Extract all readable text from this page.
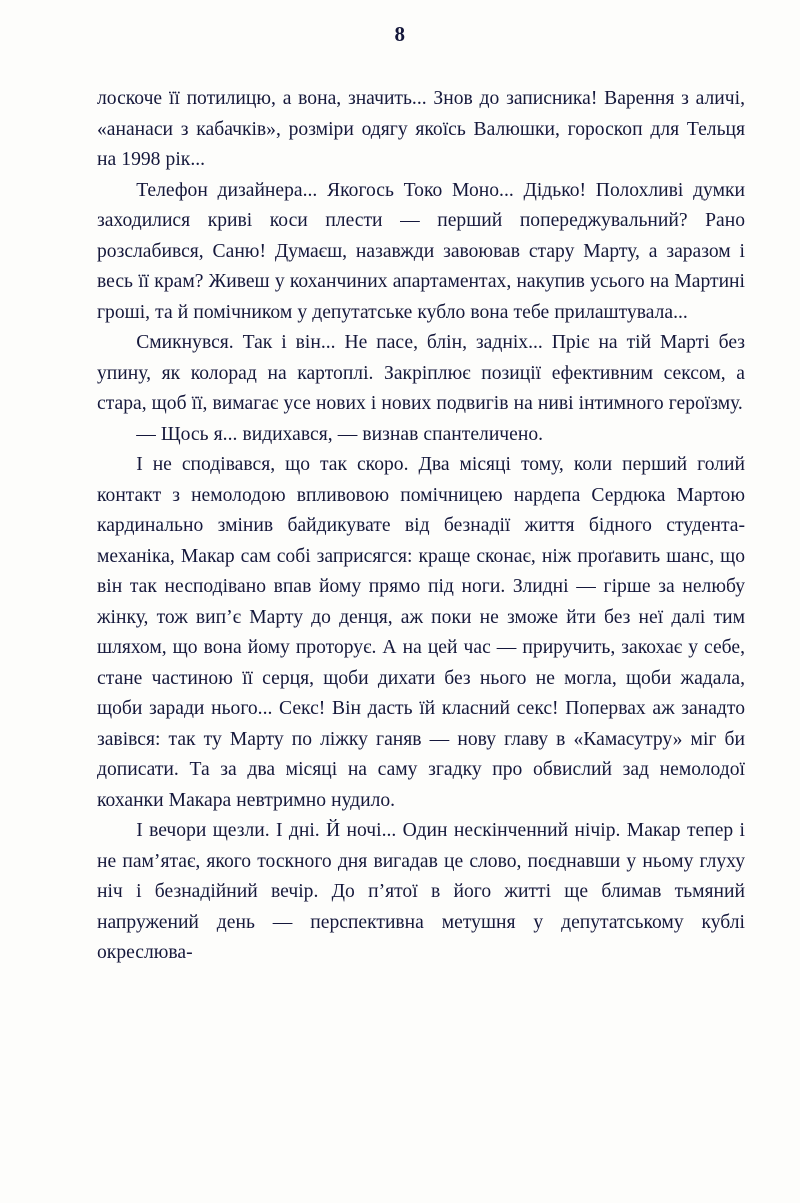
8

лоскоче її потилицю, а вона, значить... Знов до записника! Варення з аличі, «ананаси з кабачків», розміри одягу якоїсь Валюшки, гороскоп для Тельця на 1998 рік...

Телефон дизайнера... Якогось Токо Моно... Дідько! Полохливі думки заходилися криві коси плести — перший попереджувальний? Рано розслабився, Саню! Думаєш, назавжди завоював стару Марту, а заразом і весь її крам? Живеш у коханчиних апартаментах, накупив усього на Мартині гроші, та й помічником у депутатське кубло вона тебе прилаштувала...

Смикнувся. Так і він... Не пасе, блін, задніх... Пріє на тій Марті без упину, як колорад на картоплі. Закріплює позиції ефективним сексом, а стара, щоб її, вимагає усе нових і нових подвигів на ниві інтимного героїзму.

— Щось я... видихався, — визнав спантеличено.

І не сподівався, що так скоро. Два місяці тому, коли перший голий контакт з немолодою впливовою помічницею нардепа Сердюка Мартою кардинально змінив байдикувате від безнадії життя бідного студента-механіка, Макар сам собі заприсягся: краще сконає, ніж проґавить шанс, що він так несподівано впав йому прямо під ноги. Злидні — гірше за нелюбу жінку, тож вип’є Марту до денця, аж поки не зможе йти без неї далі тим шляхом, що вона йому проторує. А на цей час — приручить, закохає у себе, стане частиною її серця, щоби дихати без нього не могла, щоби жадала, щоби заради нього... Секс! Він дасть їй класний секс! Попервах аж занадто завівся: так ту Марту по ліжку ганяв — нову главу в «Камасутру» міг би дописати. Та за два місяці на саму згадку про обвислий зад немолодої коханки Макара невтримно нудило.

І вечори щезли. І дні. Й ночі... Один нескінченний нічір. Макар тепер і не пам’ятає, якого тоскного дня вигадав це слово, поєднавши у ньому глуху ніч і безнадійний вечір. До п’ятої в його житті ще блимав тьмяний напружений день — перспективна метушня у депутатському кублі окреслюва-
